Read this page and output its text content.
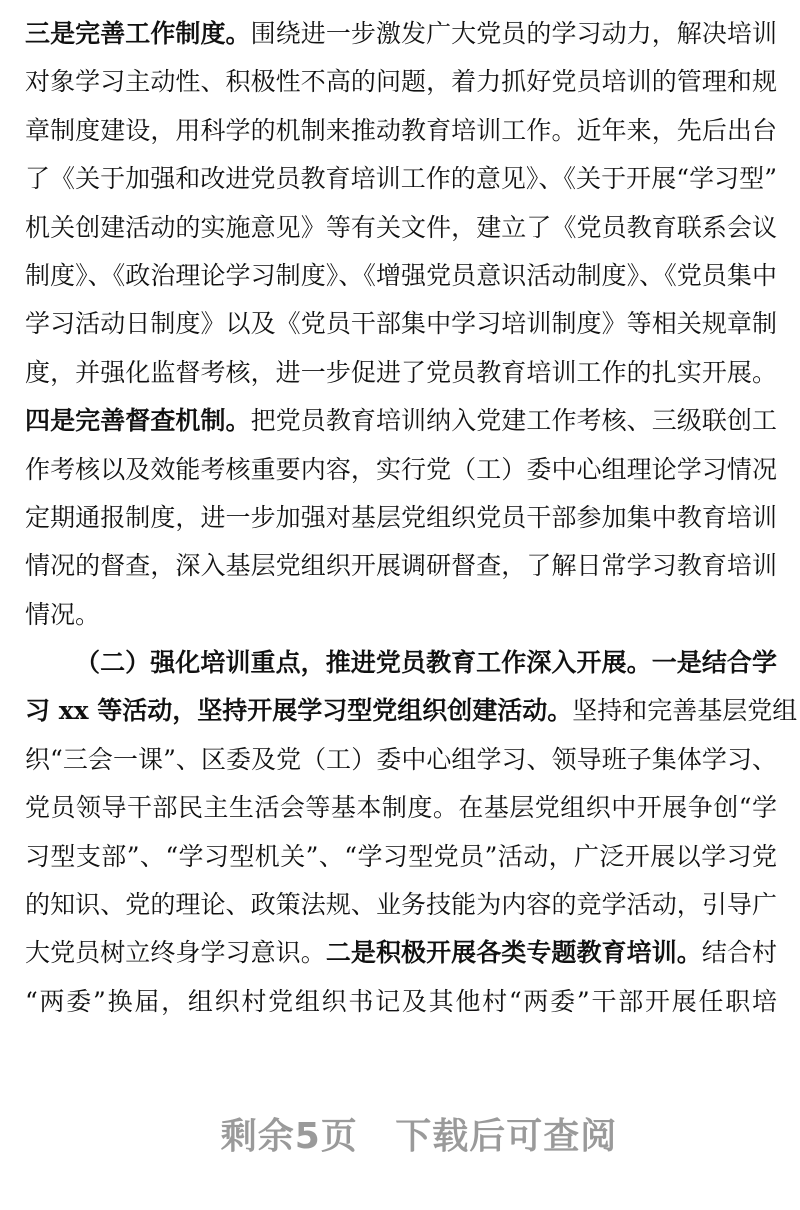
三是完善工作制度。围绕进一步激发广大党员的学习动力，解决培训
对象学习主动性、积极性不高的问题，着力抓好党员培训的管理和规
章制度建设，用科学的机制来推动教育培训工作。近年来，先后出台
了《关于加强和改进党员教育培训工作的意见》、《关于开展“学习型”
机关创建活动的实施意见》等有关文件，建立了《党员教育联系会议
制度》、《政治理论学习制度》、《增强党员意识活动制度》、《党员集中
学习活动日制度》以及《党员干部集中学习培训制度》等相关规章制
度，并强化监督考核，进一步促进了党员教育培训工作的扎实开展。
四是完善督查机制。把党员教育培训纳入党建工作考核、三级联创工
作考核以及效能考核重要内容，实行党（工）委中心组理论学习情况
定期通报制度，进一步加强对基层党组织党员干部参加集中教育培训
情况的督查，深入基层党组织开展调研督查，了解日常学习教育培训
情况。
（二）强化培训重点，推进党员教育工作深入开展。一是结合学
习 xx 等活动，坚持开展学习型党组织创建活动。坚持和完善基层党组
织“三会一课”、区委及党（工）委中心组学习、领导班子集体学习、
党员领导干部民主生活会等基本制度。在基层党组织中开展争创“学
习型支部”、“学习型机关”、“学习型党员”活动，广泛开展以学习党
的知识、党的理论、政策法规、业务技能为内容的竞学活动，引导广
大党员树立终身学习意识。二是积极开展各类专题教育培训。结合村
“两委”换届，组织村党组织书记及其他村“两委”干部开展任职培
剩余5页 下载后可查阅
